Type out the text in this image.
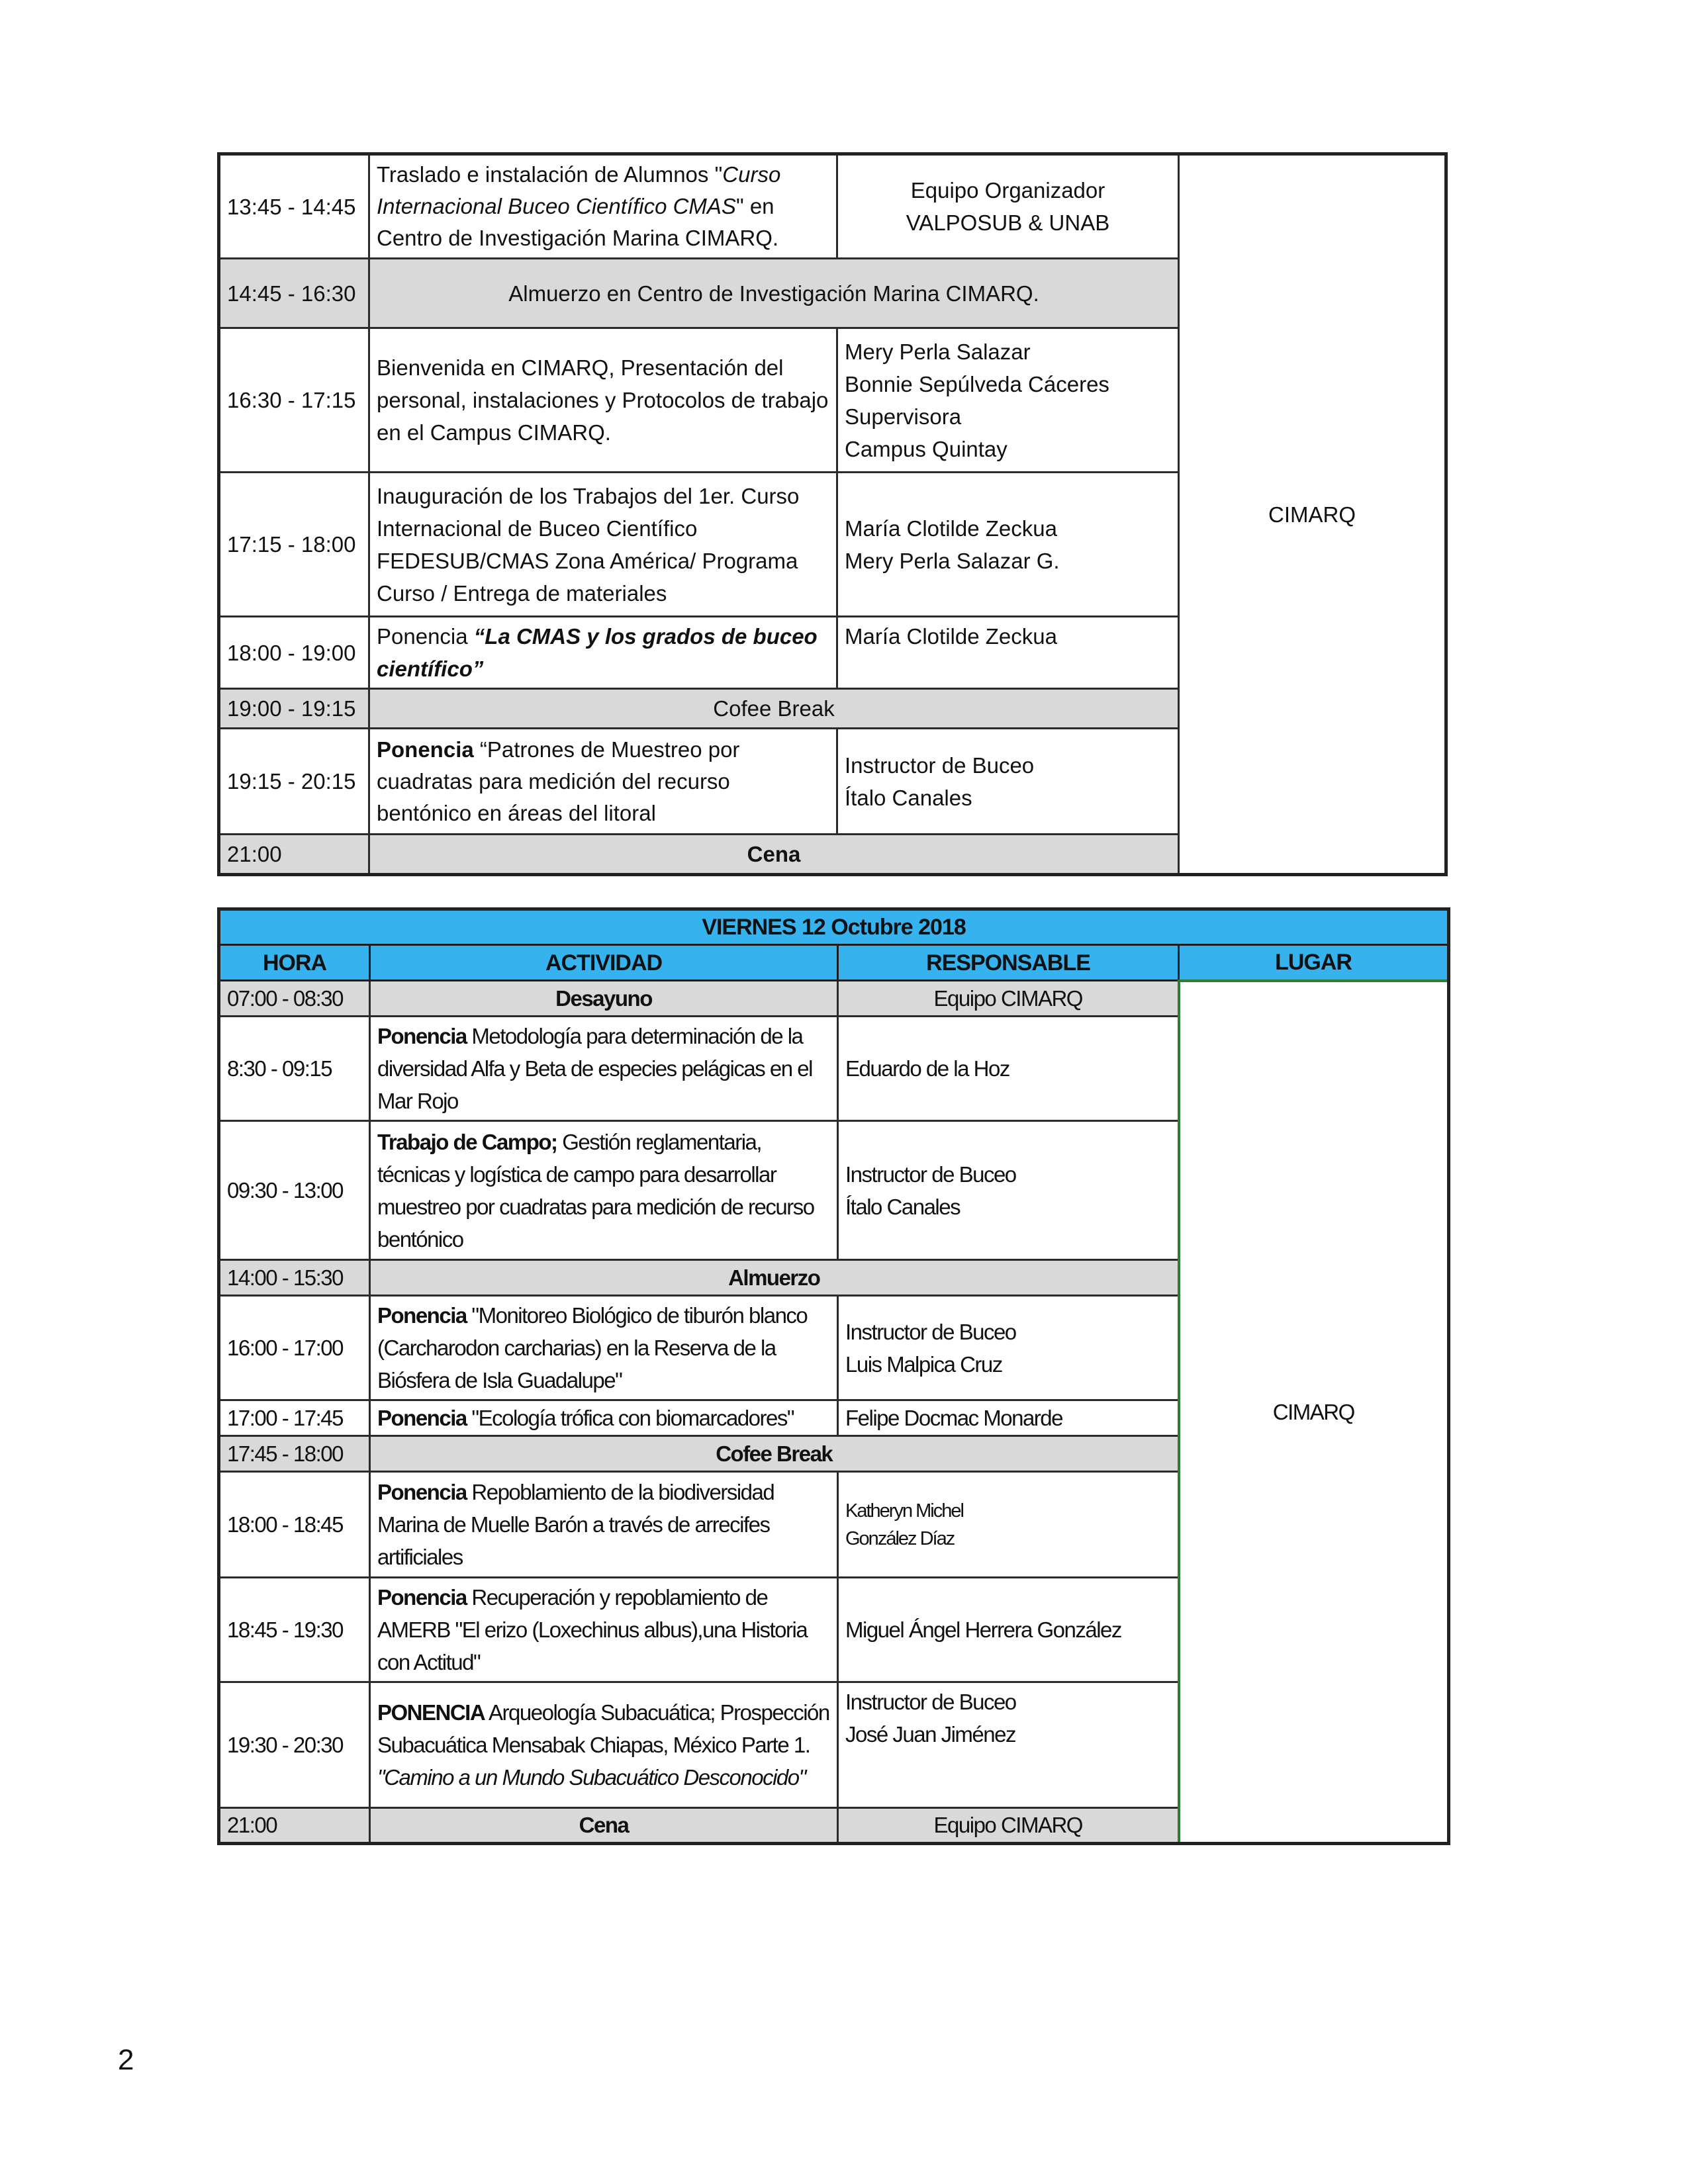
13:45 - 14:45	Traslado e instalación de Alumnos "Curso Internacional Buceo Científico CMAS" en Centro de Investigación Marina CIMARQ.	Equipo Organizador
VALPOSUB & UNAB	CIMARQ
14:45 - 16:30	Almuerzo en Centro de Investigación Marina CIMARQ.		
16:30 - 17:15	Bienvenida en CIMARQ, Presentación del personal, instalaciones y Protocolos de trabajo en el Campus CIMARQ.	Mery Perla Salazar
Bonnie Sepúlveda Cáceres
Supervisora
Campus Quintay	

17:15 - 18:00	Inauguración de los Trabajos del 1er. Curso Internacional de Buceo Científico FEDESUB/CMAS Zona América/ Programa Curso / Entrega de materiales	María Clotilde Zeckua
Mery Perla Salazar G.	

18:00 - 19:00	Ponencia “La CMAS y los grados de buceo científico”	María Clotilde Zeckua	

19:00 - 19:15	Cofee Break		
19:15 - 20:15	Ponencia “Patrones de Muestreo por cuadratas para medición del recurso bentónico en áreas del litoral	Instructor de Buceo
Ítalo Canales	

21:00	Cena		
VIERNES 12 Octubre 2018			
HORA	ACTIVIDAD	RESPONSABLE	LUGAR
07:00 - 08:30	Desayuno	Equipo CIMARQ	CIMARQ
8:30 - 09:15	Ponencia Metodología para determinación de la diversidad Alfa y Beta de especies pelágicas en el Mar Rojo	Eduardo de la Hoz	

09:30 - 13:00	Trabajo de Campo; Gestión reglamentaria, técnicas y logística de campo para desarrollar muestreo por cuadratas para medición de recurso bentónico	Instructor de Buceo
Ítalo Canales	

14:00 - 15:30	Almuerzo		
16:00 - 17:00	Ponencia "Monitoreo Biológico de tiburón blanco (Carcharodon carcharias) en la Reserva de la Biósfera de Isla Guadalupe"	Instructor de Buceo
Luis Malpica Cruz	

17:00 - 17:45	Ponencia "Ecología trófica con biomarcadores"	Felipe Docmac Monarde	

17:45 - 18:00	Cofee Break		
18:00 - 18:45	Ponencia Repoblamiento de la biodiversidad Marina de Muelle Barón a través de arrecifes artificiales	Katheryn Michel
González Díaz	

18:45 - 19:30	Ponencia Recuperación y repoblamiento de AMERB "El erizo (Loxechinus albus),una Historia con Actitud"	Miguel Ángel Herrera González	

19:30 - 20:30	PONENCIA Arqueología Subacuática; Prospección Subacuática Mensabak Chiapas, México Parte 1. "Camino a un Mundo Subacuático Desconocido"	Instructor de Buceo
José Juan Jiménez	

21:00	Cena	Equipo CIMARQ	
2
